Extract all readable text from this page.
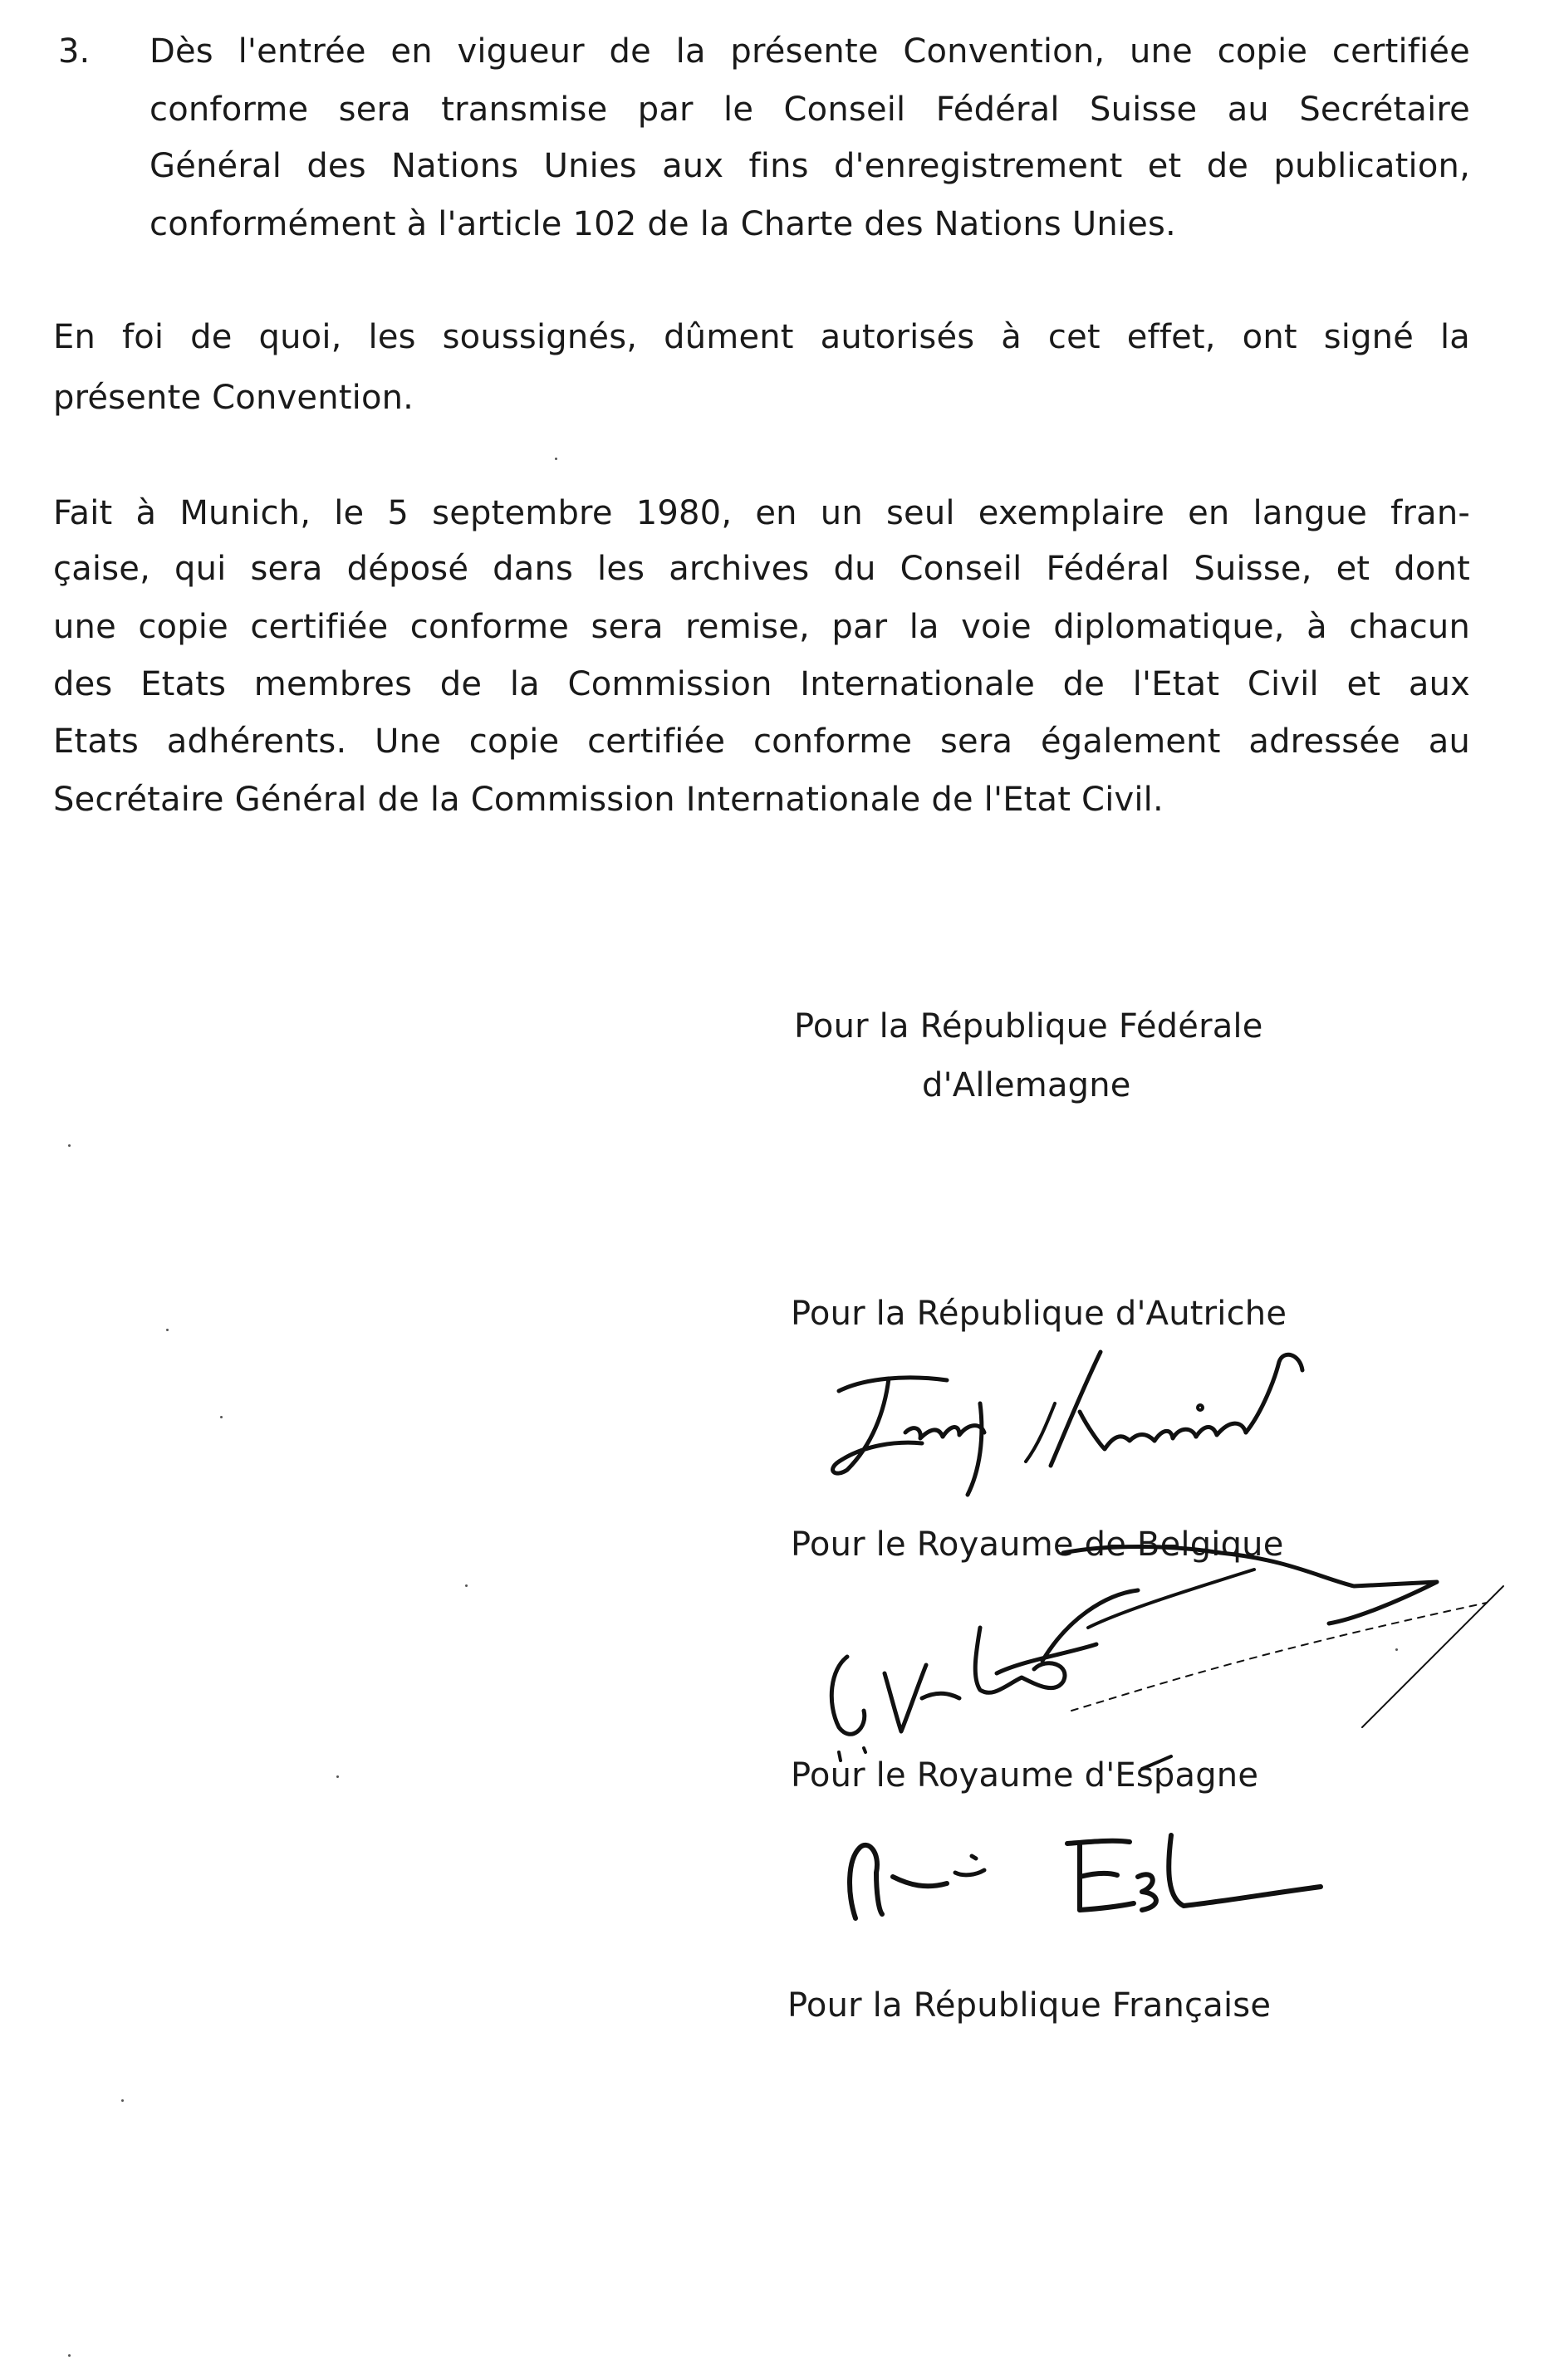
3. Dès l'entrée en vigueur de la présente Convention, une copie certifiée
conforme sera transmise par le Conseil Fédéral Suisse au Secrétaire
Général des Nations Unies aux fins d'enregistrement et de publication,
conformément à l'article 102 de la Charte des Nations Unies.
En foi de quoi, les soussignés, dûment autorisés à cet effet, ont signé la
présente Convention.
Fait à Munich, le 5 septembre 1980, en un seul exemplaire en langue fran-
çaise, qui sera déposé dans les archives du Conseil Fédéral Suisse, et dont
une copie certifiée conforme sera remise, par la voie diplomatique, à chacun
des Etats membres de la Commission Internationale de l'Etat Civil et aux
Etats adhérents. Une copie certifiée conforme sera également adressée au
Secrétaire Général de la Commission Internationale de l'Etat Civil.
Pour la République Fédérale
d'Allemagne
Pour la République d'Autriche
Pour le Royaume de Belgique
Pour le Royaume d'Espagne
Pour la République Française
